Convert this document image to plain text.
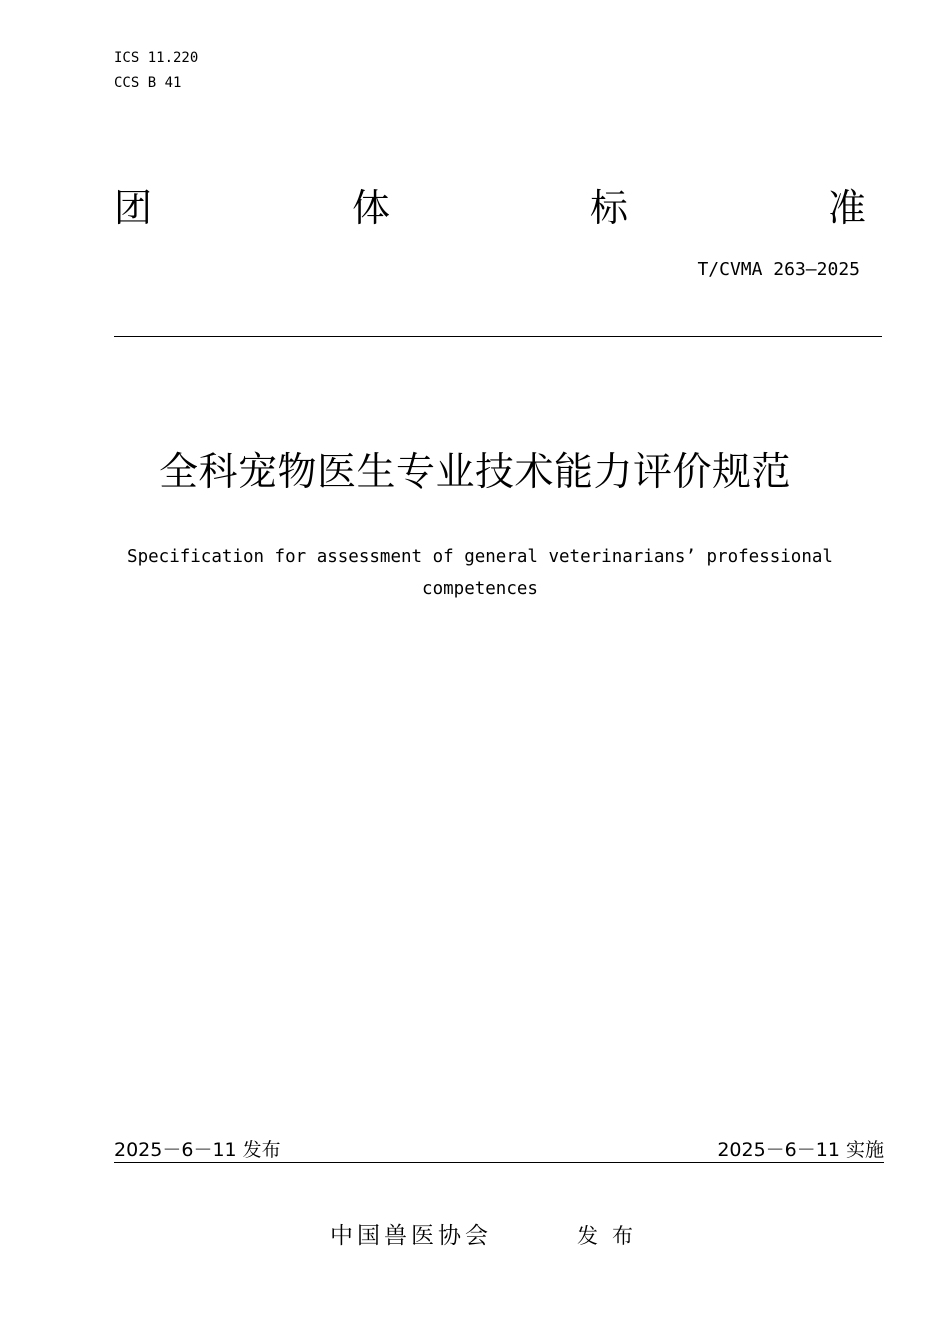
ICS 11.220
CCS B 41
团	体	标	准
T/CVMA 263—2025
全科宠物医生专业技术能力评价规范
Specification for assessment of general veterinarians’ professional
competences
2025－6－11 发布	2025－6－11 实施
中国兽医协会	发布
